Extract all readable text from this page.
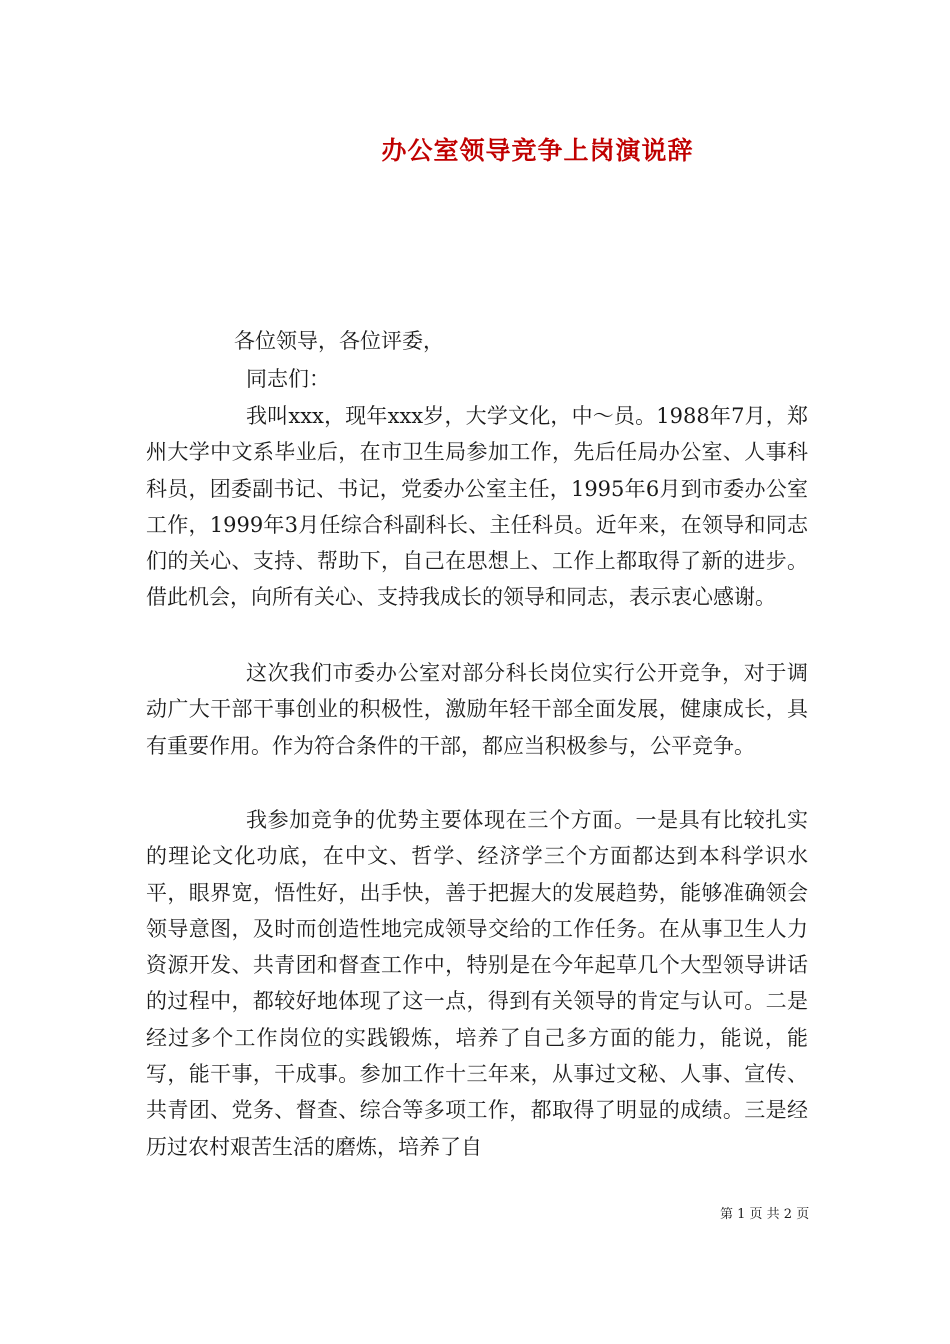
办公室领导竞争上岗演说辞
各位领导，各位评委，
同志们：

我叫xxx，现年xxx岁，大学文化，中～员。1988年7月，郑州大学中文系毕业后，在市卫生局参加工作，先后任局办公室、人事科科员，团委副书记、书记，党委办公室主任，1995年6月到市委办公室工作，1999年3月任综合科副科长、主任科员。近年来，在领导和同志们的关心、支持、帮助下，自己在思想上、工作上都取得了新的进步。借此机会，向所有关心、支持我成长的领导和同志，表示衷心感谢。

这次我们市委办公室对部分科长岗位实行公开竞争，对于调动广大干部干事创业的积极性，激励年轻干部全面发展，健康成长，具有重要作用。作为符合条件的干部，都应当积极参与，公平竞争。

我参加竞争的优势主要体现在三个方面。一是具有比较扎实的理论文化功底，在中文、哲学、经济学三个方面都达到本科学识水平，眼界宽，悟性好，出手快，善于把握大的发展趋势，能够准确领会领导意图，及时而创造性地完成领导交给的工作任务。在从事卫生人力资源开发、共青团和督查工作中，特别是在今年起草几个大型领导讲话的过程中，都较好地体现了这一点，得到有关领导的肯定与认可。二是经过多个工作岗位的实践锻炼，培养了自己多方面的能力，能说，能写，能干事，干成事。参加工作十三年来，从事过文秘、人事、宣传、共青团、党务、督查、综合等多项工作，都取得了明显的成绩。三是经历过农村艰苦生活的磨炼，培养了自

第 1 页 共 2 页
